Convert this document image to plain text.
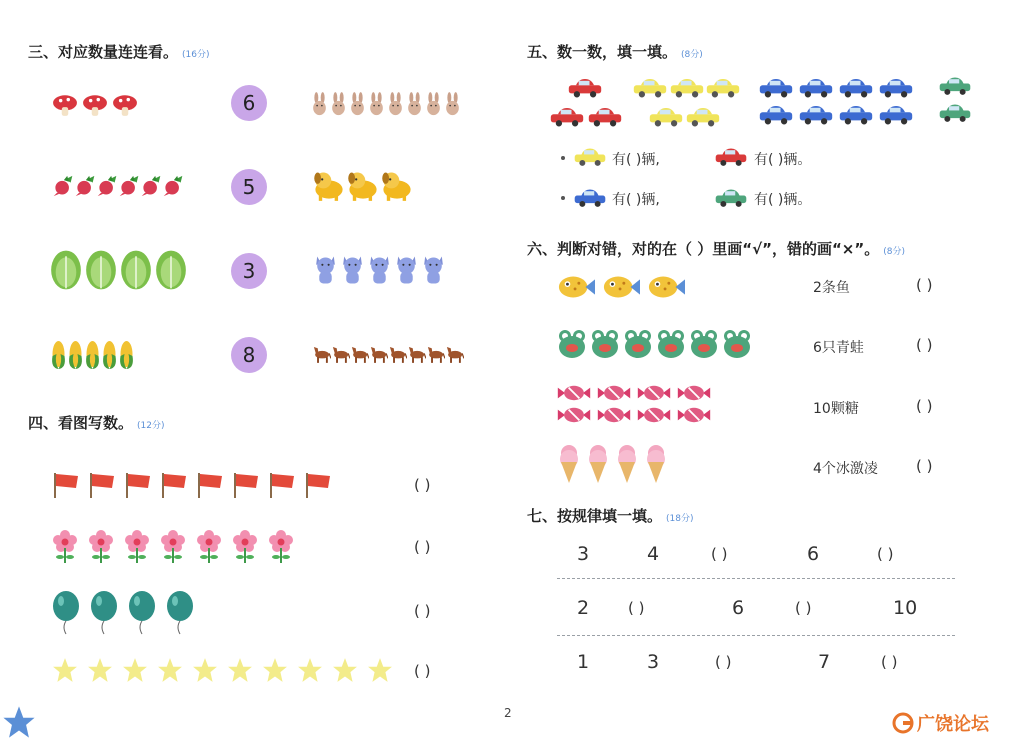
三、对应数量连连看。 (16分)
6
5
3
8
四、看图写数。 (12分)
( )
( )
( )
( )
五、数一数，填一填。 (8分)
有( )辆,	有( )辆。
有( )辆,	有( )辆。
六、判断对错，对的在（ ）里画“√”，错的画“×”。 (8分)
2条鱼	( )
6只青蛙	( )
10颗糖	( )
4个冰激凌	( )
七、按规律填一填。 (18分)
3	4	( )	6	( )
2	( )	6	( )	10
1	3	( )	7	( )
2
广饶论坛
